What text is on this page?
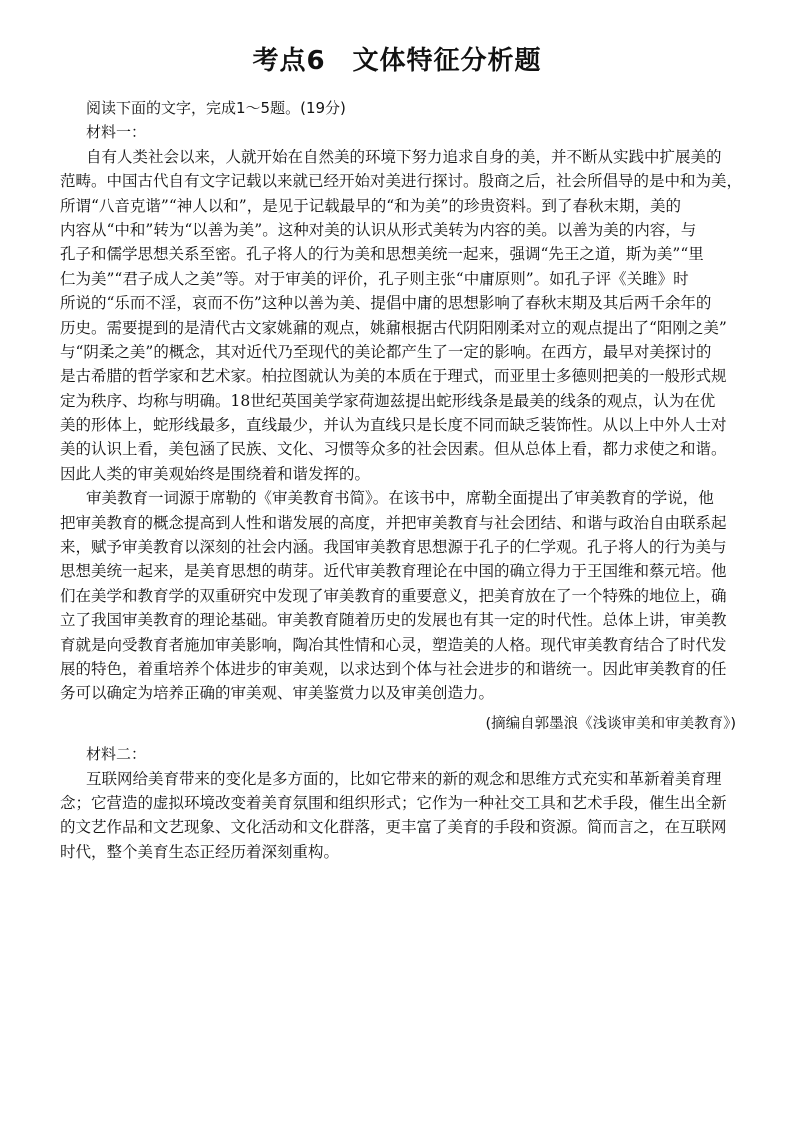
考点6　文体特征分析题
阅读下面的文字，完成1～5题。(19分)
材料一：
自有人类社会以来，人就开始在自然美的环境下努力追求自身的美，并不断从实践中扩展美的
范畴。中国古代自有文字记载以来就已经开始对美进行探讨。殷商之后，社会所倡导的是中和为美，
所谓“八音克谐”“神人以和”，是见于记载最早的“和为美”的珍贵资料。到了春秋末期，美的
内容从“中和”转为“以善为美”。这种对美的认识从形式美转为内容的美。以善为美的内容，与
孔子和儒学思想关系至密。孔子将人的行为美和思想美统一起来，强调“先王之道，斯为美”“里
仁为美”“君子成人之美”等。对于审美的评价，孔子则主张“中庸原则”。如孔子评《关雎》时
所说的“乐而不淫，哀而不伤”这种以善为美、提倡中庸的思想影响了春秋末期及其后两千余年的
历史。需要提到的是清代古文家姚鼐的观点，姚鼐根据古代阴阳刚柔对立的观点提出了“阳刚之美”
与“阴柔之美”的概念，其对近代乃至现代的美论都产生了一定的影响。在西方，最早对美探讨的
是古希腊的哲学家和艺术家。柏拉图就认为美的本质在于理式，而亚里士多德则把美的一般形式规
定为秩序、均称与明确。18世纪英国美学家荷迦兹提出蛇形线条是最美的线条的观点，认为在优
美的形体上，蛇形线最多，直线最少，并认为直线只是长度不同而缺乏装饰性。从以上中外人士对
美的认识上看，美包涵了民族、文化、习惯等众多的社会因素。但从总体上看，都力求使之和谐。
因此人类的审美观始终是围绕着和谐发挥的。
审美教育一词源于席勒的《审美教育书简》。在该书中，席勒全面提出了审美教育的学说，他
把审美教育的概念提高到人性和谐发展的高度，并把审美教育与社会团结、和谐与政治自由联系起
来，赋予审美教育以深刻的社会内涵。我国审美教育思想源于孔子的仁学观。孔子将人的行为美与
思想美统一起来，是美育思想的萌芽。近代审美教育理论在中国的确立得力于王国维和蔡元培。他
们在美学和教育学的双重研究中发现了审美教育的重要意义，把美育放在了一个特殊的地位上，确
立了我国审美教育的理论基础。审美教育随着历史的发展也有其一定的时代性。总体上讲，审美教
育就是向受教育者施加审美影响，陶冶其性情和心灵，塑造美的人格。现代审美教育结合了时代发
展的特色，着重培养个体进步的审美观，以求达到个体与社会进步的和谐统一。因此审美教育的任
务可以确定为培养正确的审美观、审美鉴赏力以及审美创造力。
(摘编自郭墨浪《浅谈审美和审美教育》)
材料二：
互联网给美育带来的变化是多方面的，比如它带来的新的观念和思维方式充实和革新着美育理
念；它营造的虚拟环境改变着美育氛围和组织形式；它作为一种社交工具和艺术手段，催生出全新
的文艺作品和文艺现象、文化活动和文化群落，更丰富了美育的手段和资源。简而言之，在互联网
时代，整个美育生态正经历着深刻重构。
